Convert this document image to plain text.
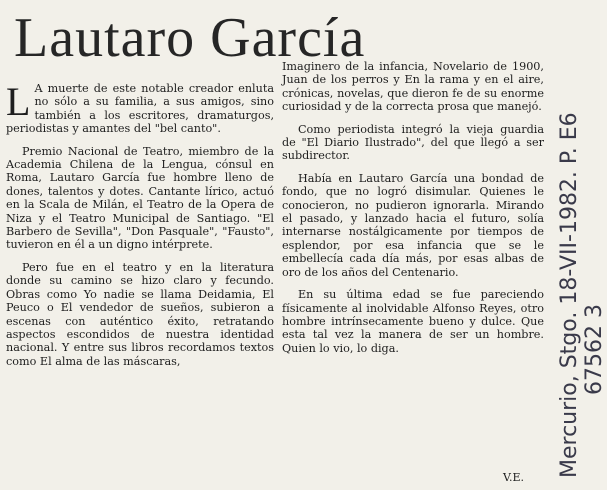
Lautaro García

L A muerte de este notable creador enluta no sólo a su familia, a sus amigos, sino también a los escritores, dramaturgos, periodistas y amantes del "bel canto".

Premio Nacional de Teatro, miembro de la Academia Chilena de la Lengua, cónsul en Roma, Lautaro García fue hombre lleno de dones, talentos y dotes. Cantante lírico, actuó en la Scala de Milán, el Teatro de la Opera de Niza y el Teatro Municipal de Santiago. "El Barbero de Sevilla", "Don Pasquale", "Fausto", tuvieron en él a un digno intérprete.

Pero fue en el teatro y en la literatura donde su camino se hizo claro y fecundo. Obras como Yo nadie se llama Deidamia, El Peuco o El vendedor de sueños, subieron a escenas con auténtico éxito, retratando aspectos escondidos de nuestra identidad nacional. Y entre sus libros recordamos textos como El alma de las máscaras,

Imaginero de la infancia, Novelario de 1900, Juan de los perros y En la rama y en el aire, crónicas, novelas, que dieron fe de su enorme curiosidad y de la correcta prosa que manejó.

Como periodista integró la vieja guardia de "El Diario Ilustrado", del que llegó a ser subdirector.

Había en Lautaro García una bondad de fondo, que no logró disimular. Quienes le conocieron, no pudieron ignorarla. Mirando el pasado, y lanzado hacia el futuro, solía internarse nostálgicamente por tiempos de esplendor, por esa infancia que se le embellecía cada día más, por esas albas de oro de los años del Centenario.

En su última edad se fue pareciendo físicamente al inolvidable Alfonso Reyes, otro hombre intrínsecamente bueno y dulce. Que esta tal vez la manera de ser un hombre. Quien lo vio, lo diga.

V.E. Mercurio, Stgo. 18-VII-1982. P. E6 67562 3
